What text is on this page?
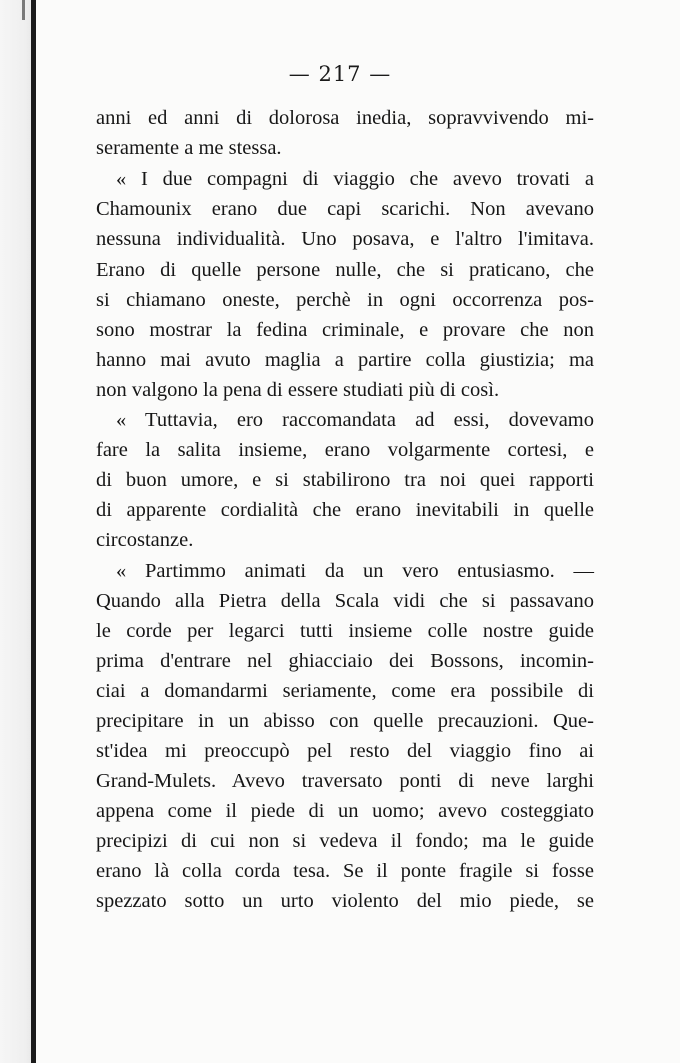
— 217 —
anni ed anni di dolorosa inedia, sopravvivendo mi-
seramente a me stessa.
« I due compagni di viaggio che avevo trovati a
Chamounix erano due capi scarichi. Non avevano
nessuna individualità. Uno posava, e l'altro l'imitava.
Erano di quelle persone nulle, che si praticano, che
si chiamano oneste, perchè in ogni occorrenza pos-
sono mostrar la fedina criminale, e provare che non
hanno mai avuto maglia a partire colla giustizia; ma
non valgono la pena di essere studiati più di così.
« Tuttavia, ero raccomandata ad essi, dovevamo
fare la salita insieme, erano volgarmente cortesi, e
di buon umore, e si stabilirono tra noi quei rapporti
di apparente cordialità che erano inevitabili in quelle
circostanze.
« Partimmo animati da un vero entusiasmo. —
Quando alla Pietra della Scala vidi che si passavano
le corde per legarci tutti insieme colle nostre guide
prima d'entrare nel ghiacciaio dei Bossons, incomin-
ciai a domandarmi seriamente, come era possibile di
precipitare in un abisso con quelle precauzioni. Que-
st'idea mi preoccupò pel resto del viaggio fino ai
Grand-Mulets. Avevo traversato ponti di neve larghi
appena come il piede di un uomo; avevo costeggiato
precipizi di cui non si vedeva il fondo; ma le guide
erano là colla corda tesa. Se il ponte fragile si fosse
spezzato sotto un urto violento del mio piede, se
